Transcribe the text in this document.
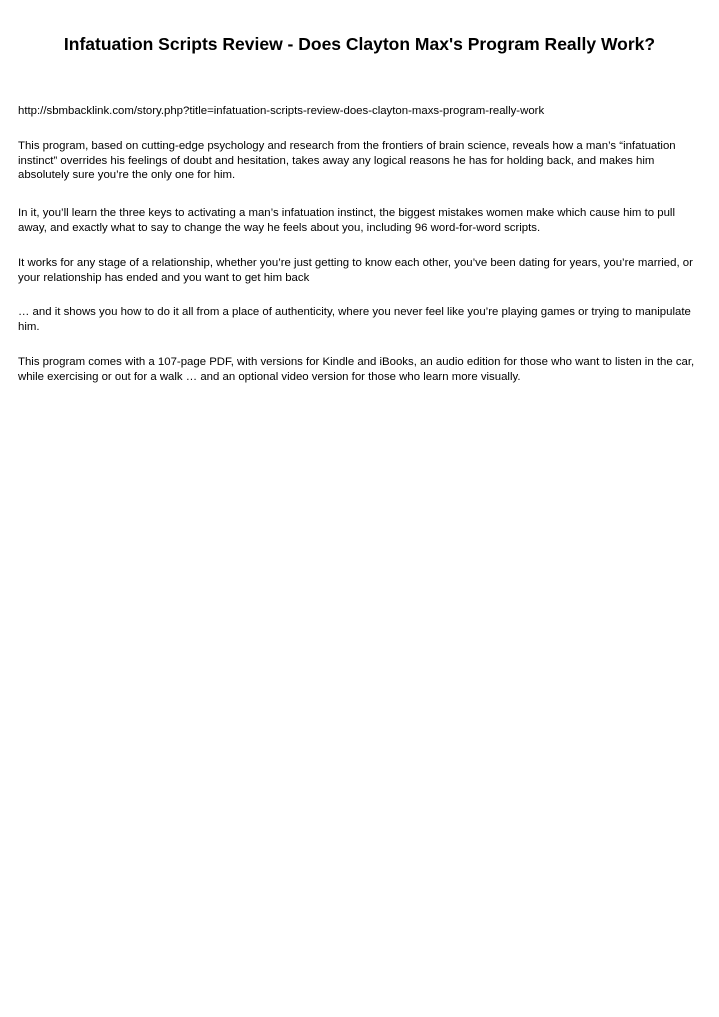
Infatuation Scripts Review - Does Clayton Max's Program Really Work?

http://sbmbacklink.com/story.php?title=infatuation-scripts-review-does-clayton-maxs-program-really-work

This program, based on cutting-edge psychology and research from the frontiers of brain science, reveals how a man’s “infatuation instinct” overrides his feelings of doubt and hesitation, takes away any logical reasons he has for holding back, and makes him absolutely sure you’re the only one for him.

In it, you’ll learn the three keys to activating a man’s infatuation instinct, the biggest mistakes women make which cause him to pull away, and exactly what to say to change the way he feels about you, including 96 word-for-word scripts.

It works for any stage of a relationship, whether you’re just getting to know each other, you’ve been dating for years, you’re married, or your relationship has ended and you want to get him back

… and it shows you how to do it all from a place of authenticity, where you never feel like you’re playing games or trying to manipulate him.

This program comes with a 107-page PDF, with versions for Kindle and iBooks, an audio edition for those who want to listen in the car, while exercising or out for a walk … and an optional video version for those who learn more visually.
